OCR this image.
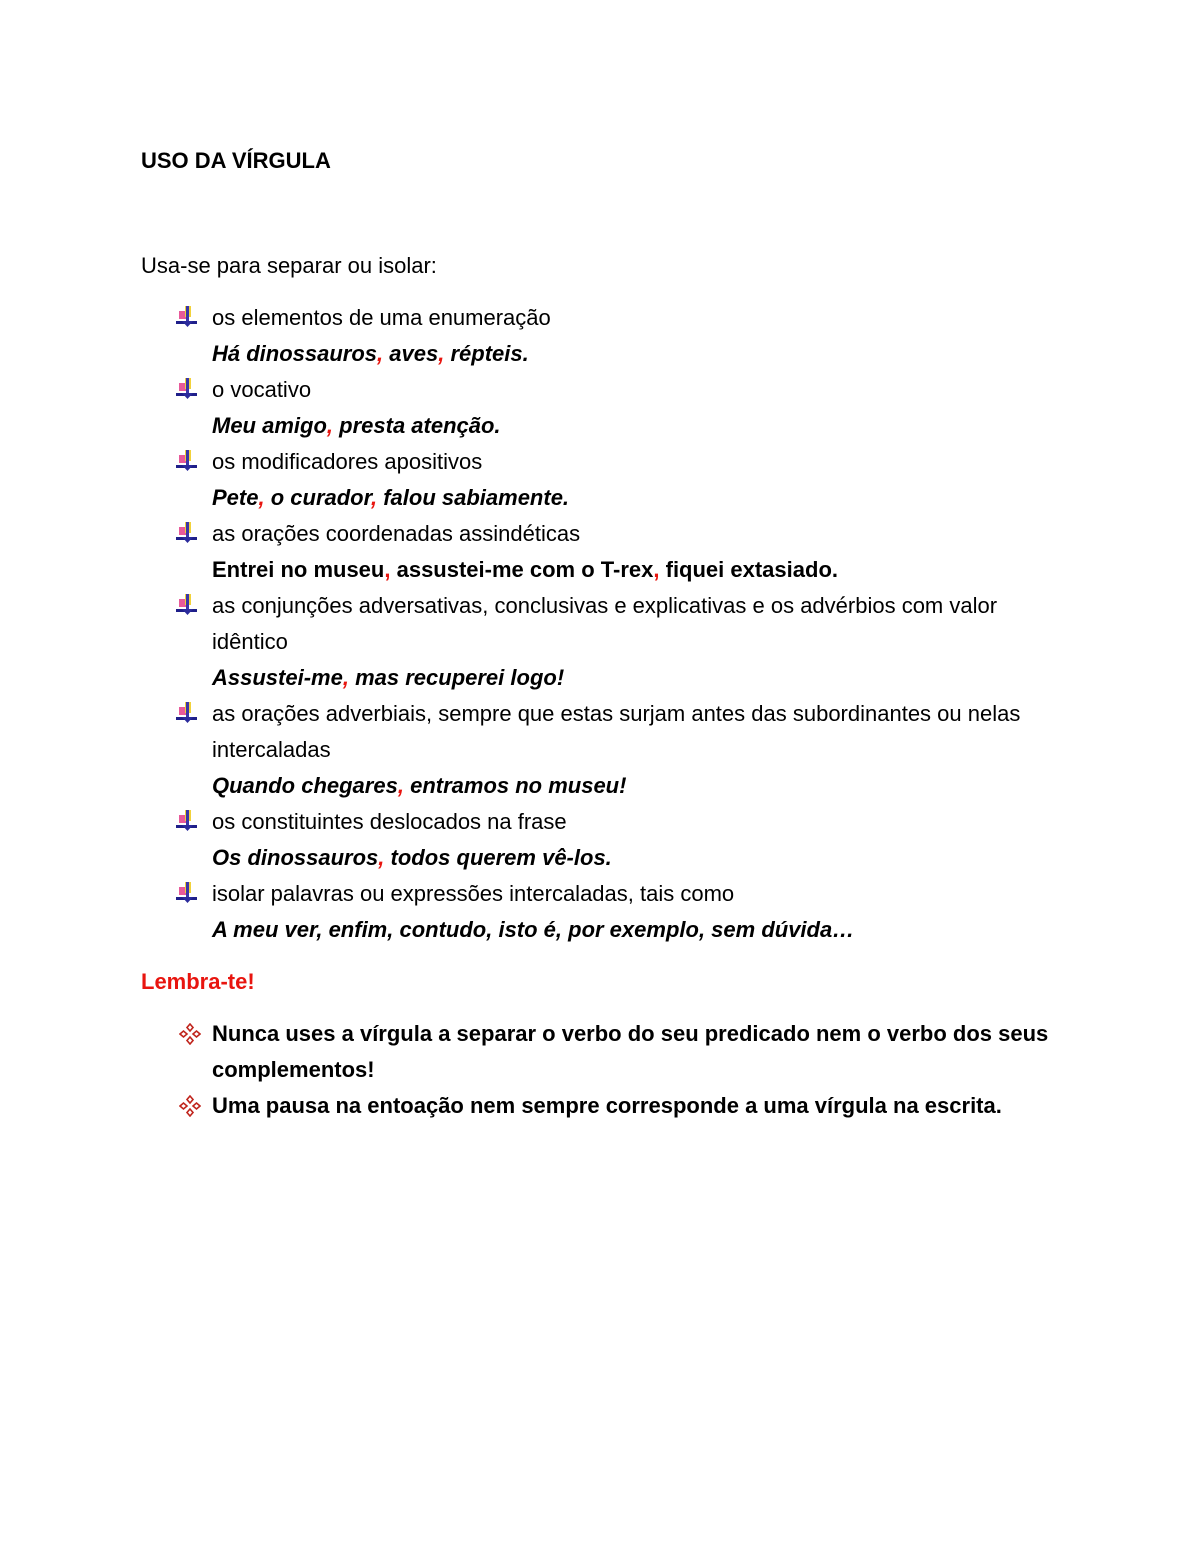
USO DA VÍRGULA
Usa-se para separar ou isolar:
os elementos de uma enumeração
Há dinossauros, aves, répteis.
o vocativo
Meu amigo, presta atenção.
os modificadores apositivos
Pete, o curador, falou sabiamente.
as orações coordenadas assindéticas
Entrei no museu, assustei-me com o T-rex, fiquei extasiado.
as conjunções adversativas, conclusivas e explicativas e os advérbios com valor idêntico
Assustei-me, mas recuperei logo!
as orações adverbiais, sempre que estas surjam antes das subordinantes ou nelas intercaladas
Quando chegares, entramos no museu!
os constituintes deslocados na frase
Os dinossauros, todos querem vê-los.
isolar palavras ou expressões intercaladas, tais como
A meu ver, enfim, contudo, isto é, por exemplo, sem dúvida…
Lembra-te!
Nunca uses a vírgula a separar o verbo do seu predicado nem o verbo dos seus complementos!
Uma pausa na entoação nem sempre corresponde a uma vírgula na escrita.
